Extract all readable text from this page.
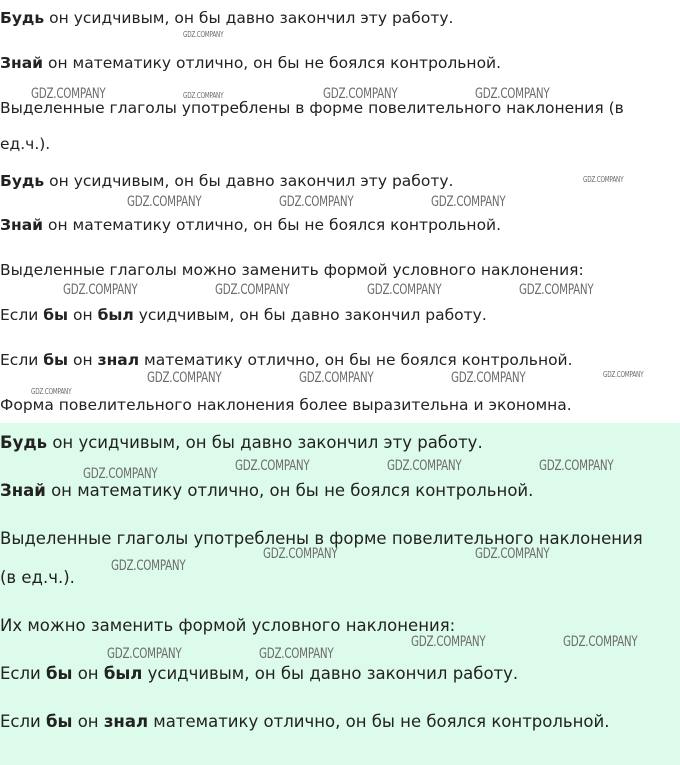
Будь он усидчивым, он бы давно закончил эту работу.
Знай он математику отлично, он бы не боялся контрольной.
Выделенные глаголы употреблены в форме повелительного наклонения (в
ед.ч.).
Будь он усидчивым, он бы давно закончил эту работу.
Знай он математику отлично, он бы не боялся контрольной.
Выделенные глаголы можно заменить формой условного наклонения:
Если бы он был усидчивым, он бы давно закончил работу.
Если бы он знал математику отлично, он бы не боялся контрольной.
Форма повелительного наклонения более выразительна и экономна.
Будь он усидчивым, он бы давно закончил эту работу.
Знай он математику отлично, он бы не боялся контрольной.
Выделенные глаголы употреблены в форме повелительного наклонения
(в ед.ч.).
Их можно заменить формой условного наклонения:
Если бы он был усидчивым, он бы давно закончил работу.
Если бы он знал математику отлично, он бы не боялся контрольной.
GDZ.COMPANY
GDZ.COMPANY	GDZ.COMPANY	GDZ.COMPANY	GDZ.COMPANY
GDZ.COMPANY
GDZ.COMPANY	GDZ.COMPANY	GDZ.COMPANY
GDZ.COMPANY	GDZ.COMPANY	GDZ.COMPANY	GDZ.COMPANY
GDZ.COMPANY	GDZ.COMPANY	GDZ.COMPANY	GDZ.COMPANY
GDZ.COMPANY
GDZ.COMPANY	GDZ.COMPANY	GDZ.COMPANY	GDZ.COMPANY
GDZ.COMPANY	GDZ.COMPANY
GDZ.COMPANY
GDZ.COMPANY	GDZ.COMPANY
GDZ.COMPANY	GDZ.COMPANY
